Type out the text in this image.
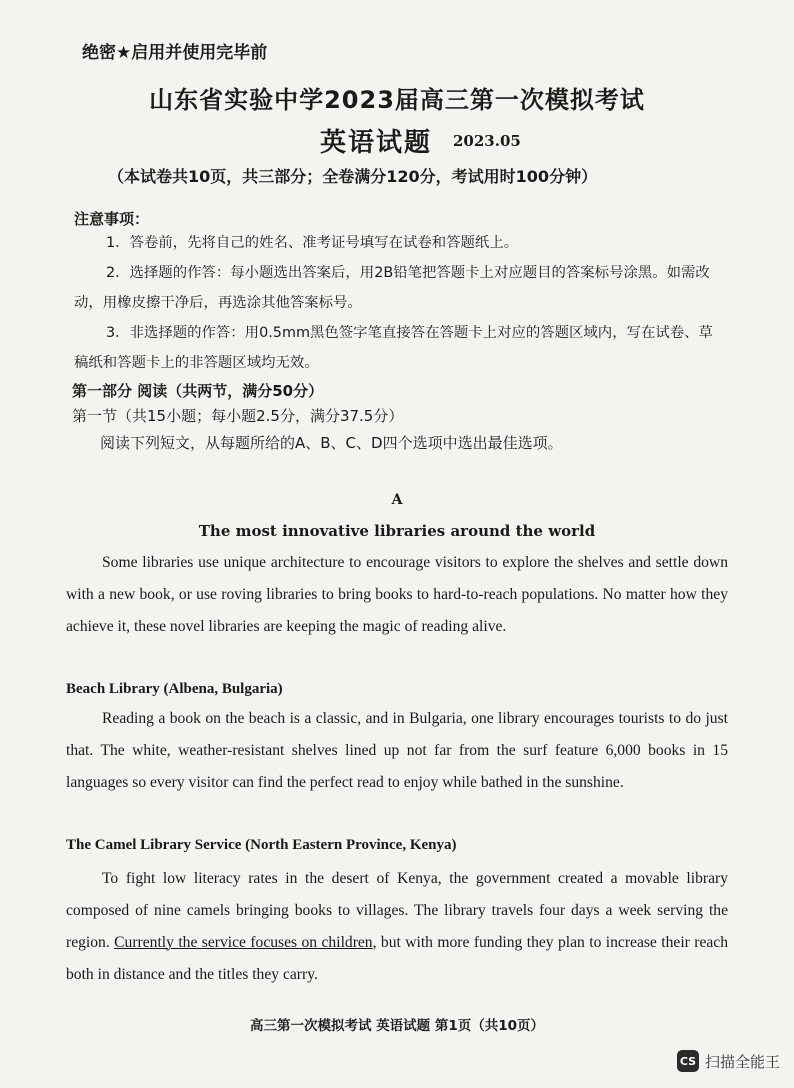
·
绝密★启用并使用完毕前
山东省实验中学2023届高三第一次模拟考试
英语试题 2023.05
（本试卷共10页，共三部分；全卷满分120分，考试用时100分钟）
注意事项：

1．答卷前，先将自己的姓名、准考证号填写在试卷和答题纸上。

2．选择题的作答：每小题选出答案后，用2B铅笔把答题卡上对应题目的答案标号涂黑。如需改动，用橡皮擦干净后，再选涂其他答案标号。

3．非选择题的作答：用0.5mm黑色签字笔直接答在答题卡上对应的答题区域内，写在试卷、草稿纸和答题卡上的非答题区域均无效。

第一部分 阅读（共两节，满分50分）
第一节（共15小题；每小题2.5分，满分37.5分）
阅读下列短文，从每题所给的A、B、C、D四个选项中选出最佳选项。
A
The most innovative libraries around the world

Some libraries use unique architecture to encourage visitors to explore the shelves and settle down with a new book, or use roving libraries to bring books to hard-to-reach populations. No matter how they achieve it, these novel libraries are keeping the magic of reading alive.

Beach Library (Albena, Bulgaria)

Reading a book on the beach is a classic, and in Bulgaria, one library encourages tourists to do just that. The white, weather-resistant shelves lined up not far from the surf feature 6,000 books in 15 languages so every visitor can find the perfect read to enjoy while bathed in the sunshine.

The Camel Library Service (North Eastern Province, Kenya)

To fight low literacy rates in the desert of Kenya, the government created a movable library composed of nine camels bringing books to villages. The library travels four days a week serving the region. Currently the service focuses on children, but with more funding they plan to increase their reach both in distance and the titles they carry.

高三第一次模拟考试 英语试题 第1页（共10页）
CS 扫描全能王
